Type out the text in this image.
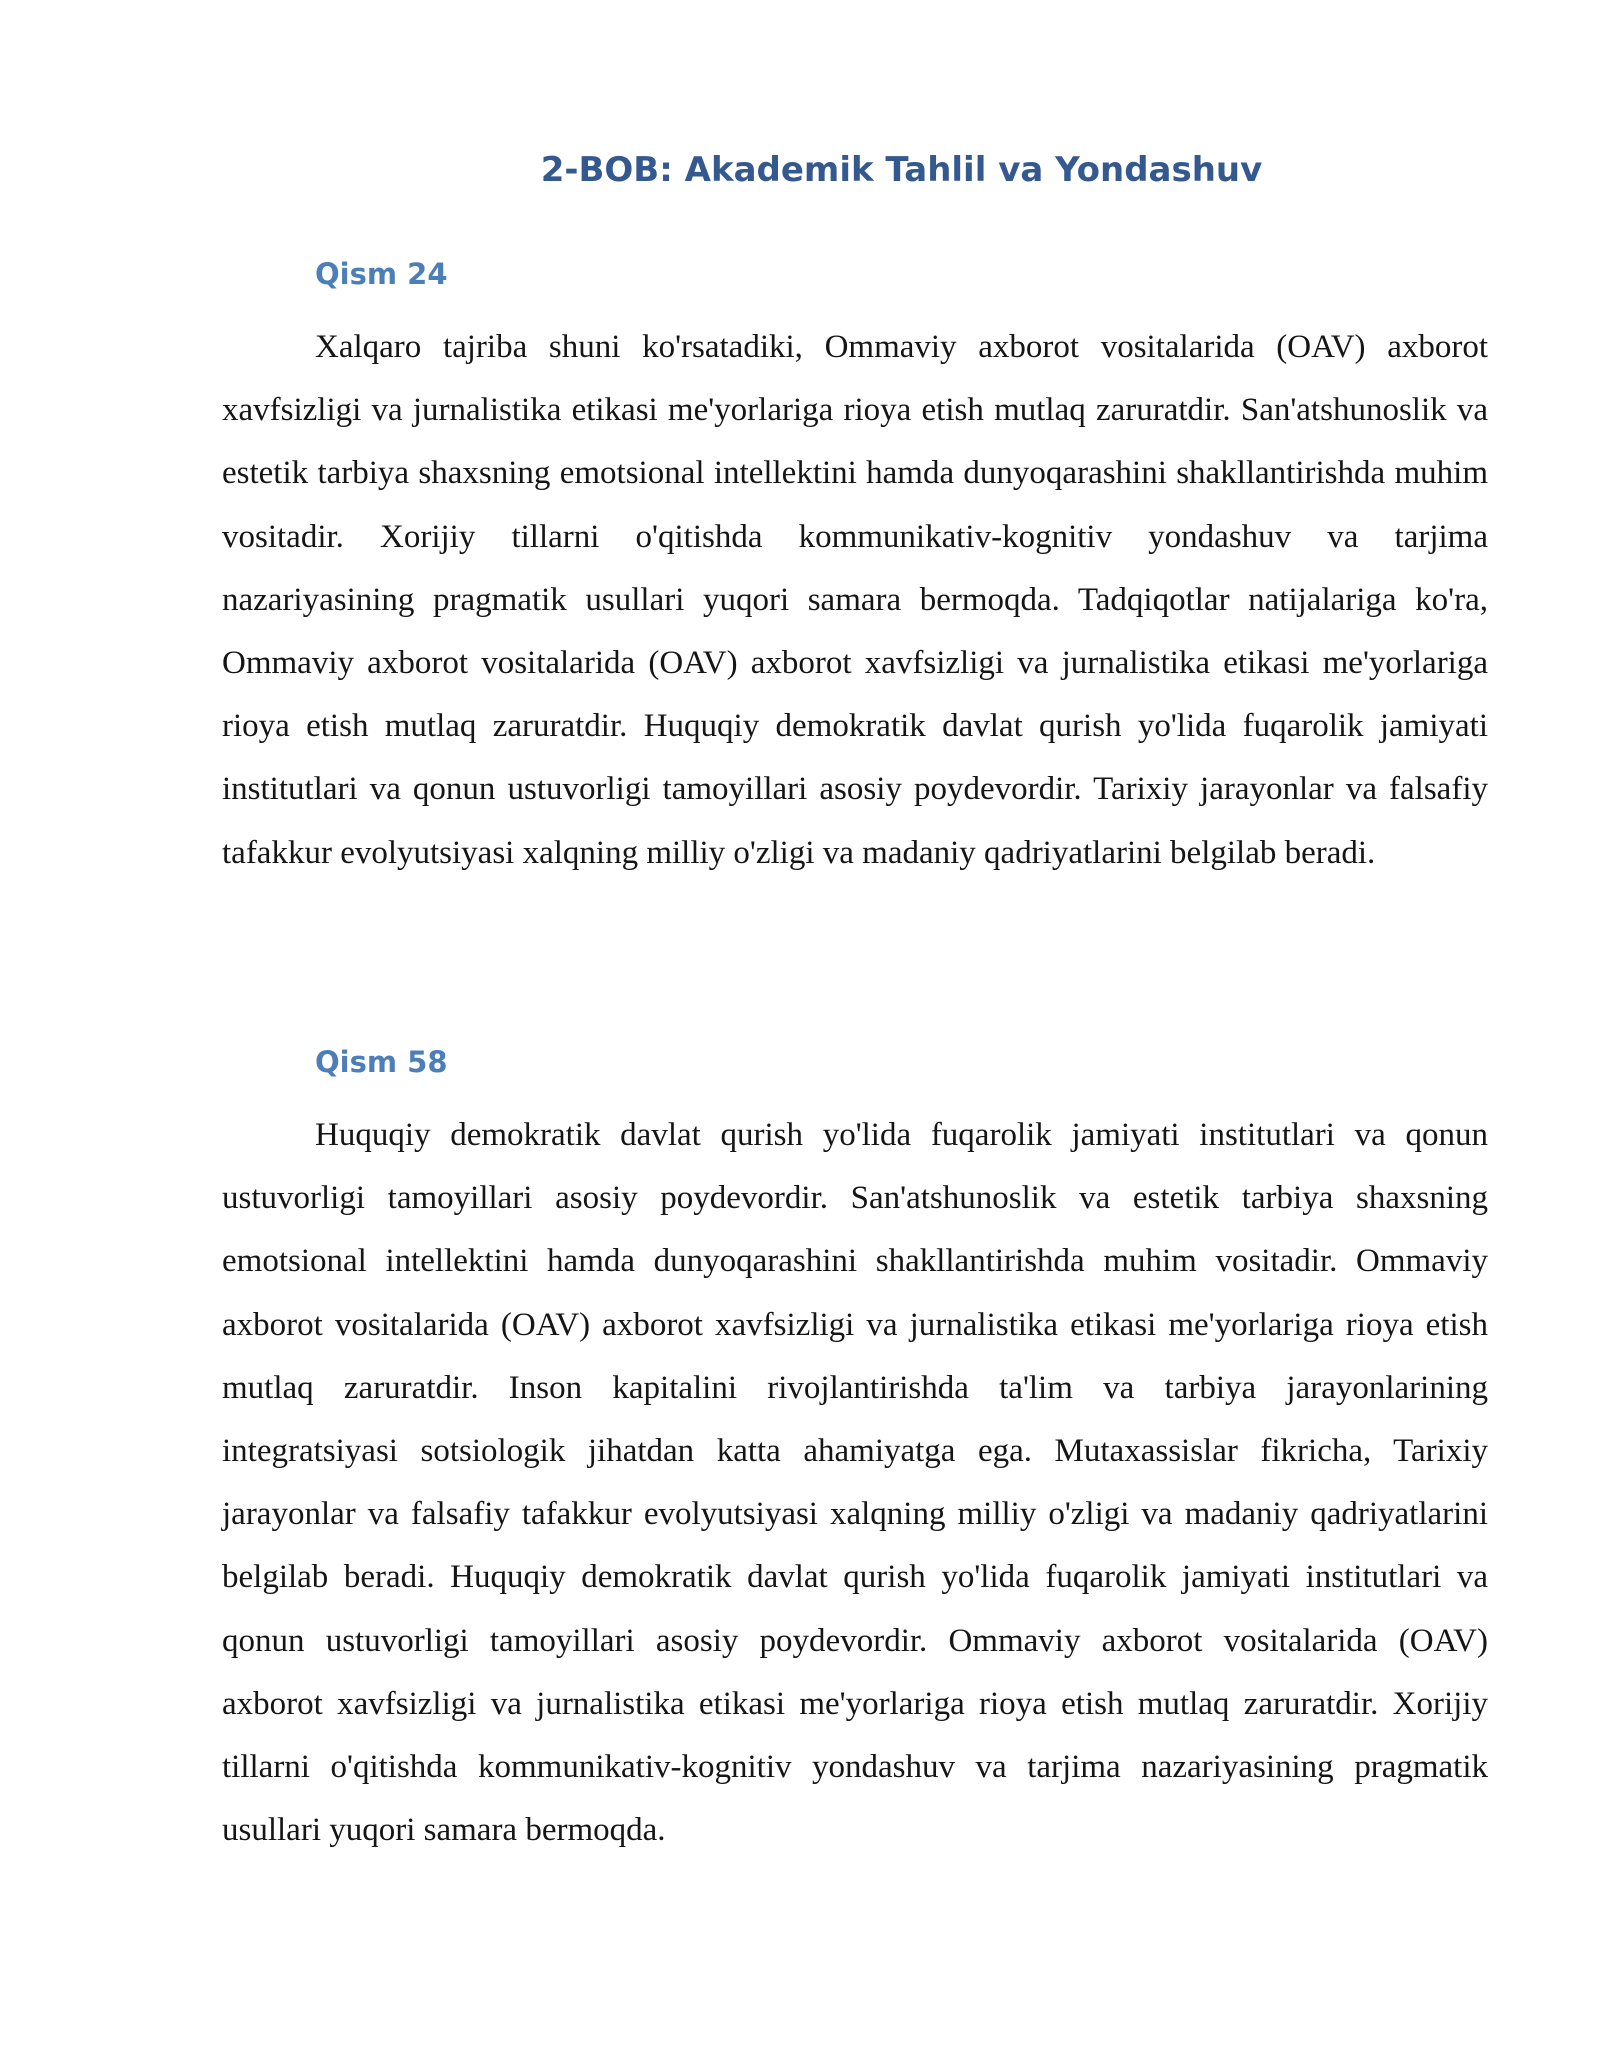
2-BOB: Akademik Tahlil va Yondashuv
Qism 24

Xalqaro tajriba shuni ko'rsatadiki, Ommaviy axborot vositalarida (OAV) axborot xavfsizligi va jurnalistika etikasi me'yorlariga rioya etish mutlaq zaruratdir. San'atshunoslik va estetik tarbiya shaxsning emotsional intellektini hamda dunyoqarashini shakllantirishda muhim vositadir. Xorijiy tillarni o'qitishda kommunikativ-kognitiv yondashuv va tarjima nazariyasining pragmatik usullari yuqori samara bermoqda. Tadqiqotlar natijalariga ko'ra, Ommaviy axborot vositalarida (OAV) axborot xavfsizligi va jurnalistika etikasi me'yorlariga rioya etish mutlaq zaruratdir. Huquqiy demokratik davlat qurish yo'lida fuqarolik jamiyati institutlari va qonun ustuvorligi tamoyillari asosiy poydevordir. Tarixiy jarayonlar va falsafiy tafakkur evolyutsiyasi xalqning milliy o'zligi va madaniy qadriyatlarini belgilab beradi.

Qism 58

Huquqiy demokratik davlat qurish yo'lida fuqarolik jamiyati institutlari va qonun ustuvorligi tamoyillari asosiy poydevordir. San'atshunoslik va estetik tarbiya shaxsning emotsional intellektini hamda dunyoqarashini shakllantirishda muhim vositadir. Ommaviy axborot vositalarida (OAV) axborot xavfsizligi va jurnalistika etikasi me'yorlariga rioya etish mutlaq zaruratdir. Inson kapitalini rivojlantirishda ta'lim va tarbiya jarayonlarining integratsiyasi sotsiologik jihatdan katta ahamiyatga ega. Mutaxassislar fikricha, Tarixiy jarayonlar va falsafiy tafakkur evolyutsiyasi xalqning milliy o'zligi va madaniy qadriyatlarini belgilab beradi. Huquqiy demokratik davlat qurish yo'lida fuqarolik jamiyati institutlari va qonun ustuvorligi tamoyillari asosiy poydevordir. Ommaviy axborot vositalarida (OAV) axborot xavfsizligi va jurnalistika etikasi me'yorlariga rioya etish mutlaq zaruratdir. Xorijiy tillarni o'qitishda kommunikativ-kognitiv yondashuv va tarjima nazariyasining pragmatik usullari yuqori samara bermoqda.
